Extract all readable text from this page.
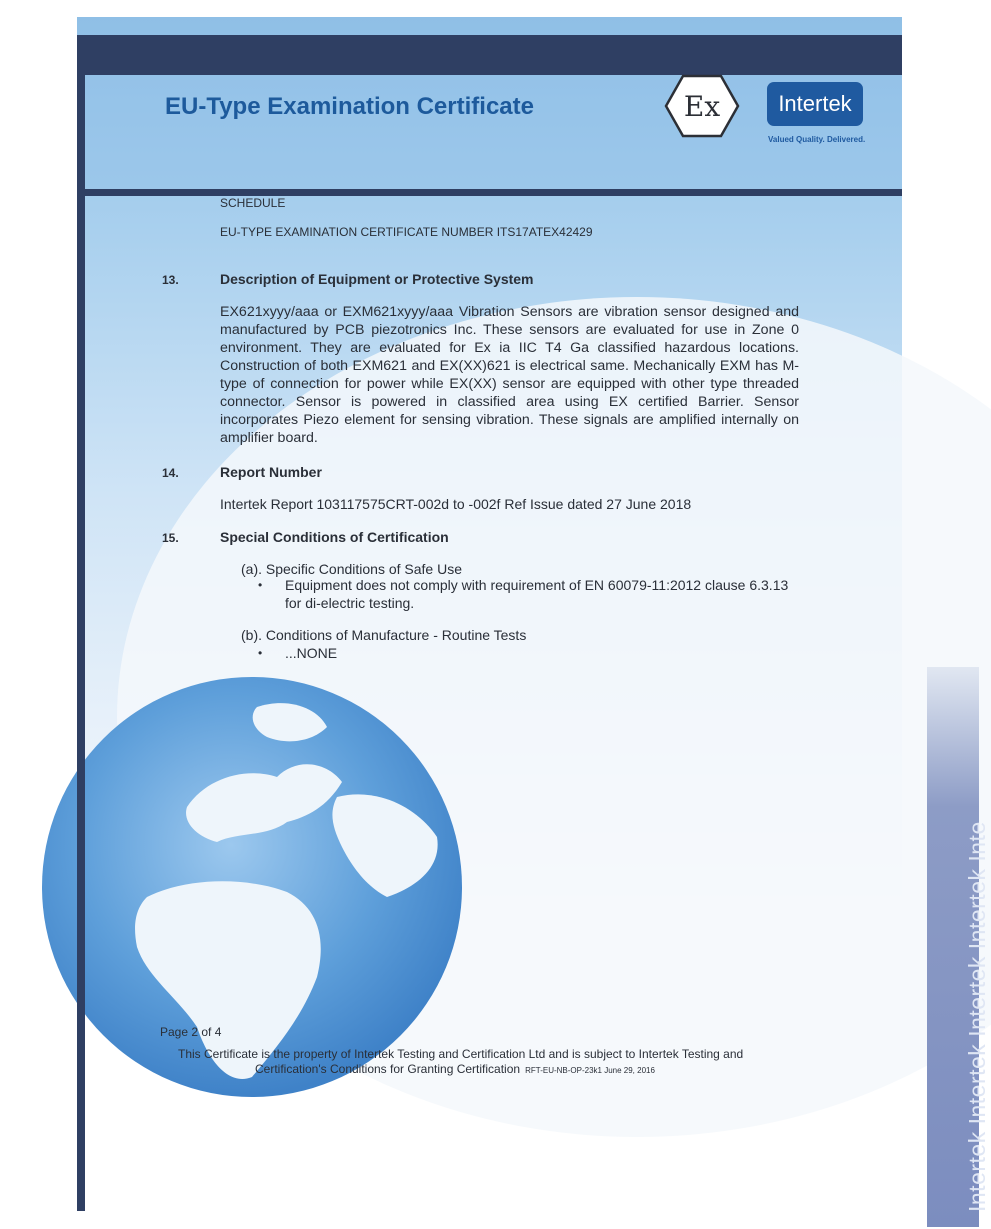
Intertek Intertek Intertek Intertek Inte
EU-Type Examination Certificate	Ex	Intertek
Valued Quality. Delivered.
SCHEDULE
EU-TYPE EXAMINATION CERTIFICATE NUMBER ITS17ATEX42429
13.	Description of Equipment or Protective System
EX621xyyy/aaa or EXM621xyyy/aaa Vibration Sensors are vibration sensor designed and manufactured by PCB piezotronics Inc. These sensors are evaluated for use in Zone 0 environment. They are evaluated for Ex ia IIC T4 Ga classified hazardous locations. Construction of both EXM621 and EX(XX)621 is electrical same. Mechanically EXM has M-type of connection for power while EX(XX) sensor are equipped with other type threaded connector. Sensor is powered in classified area using EX certified Barrier. Sensor incorporates Piezo element for sensing vibration. These signals are amplified internally on amplifier board.
14.	Report Number
Intertek Report 103117575CRT-002d to -002f Ref Issue dated 27 June 2018
15.	Special Conditions of Certification
(a). Specific Conditions of Safe Use
• Equipment does not comply with requirement of EN 60079-11:2012 clause 6.3.13
for di-electric testing.
(b). Conditions of Manufacture - Routine Tests
• ...NONE
Page 2 of 4
This Certificate is the property of Intertek Testing and Certification Ltd and is subject to Intertek Testing and
Certification's Conditions for Granting Certification RFT-EU-NB-OP-23k1 June 29, 2016
